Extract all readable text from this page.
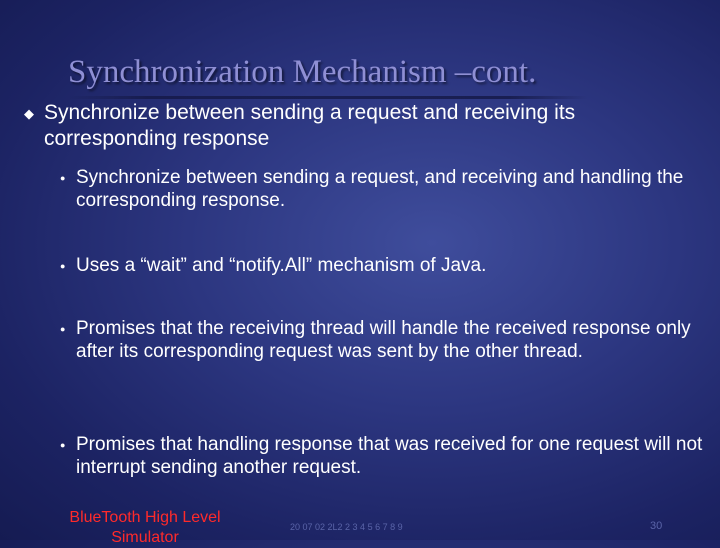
Synchronization Mechanism –cont.
◆ Synchronize between sending a request and receiving its corresponding response
● Synchronize between sending a request, and receiving and handling the corresponding response.
● Uses a “wait” and “notify.All” mechanism of Java.
● Promises that the receiving thread will handle the received response only after its corresponding request was sent by the other thread.
● Promises that handling response that was received for one request will not interrupt sending another request.
BlueTooth High Level Simulator
20 07 02 2L2 2 3 4 5 6 7 8 9	30
